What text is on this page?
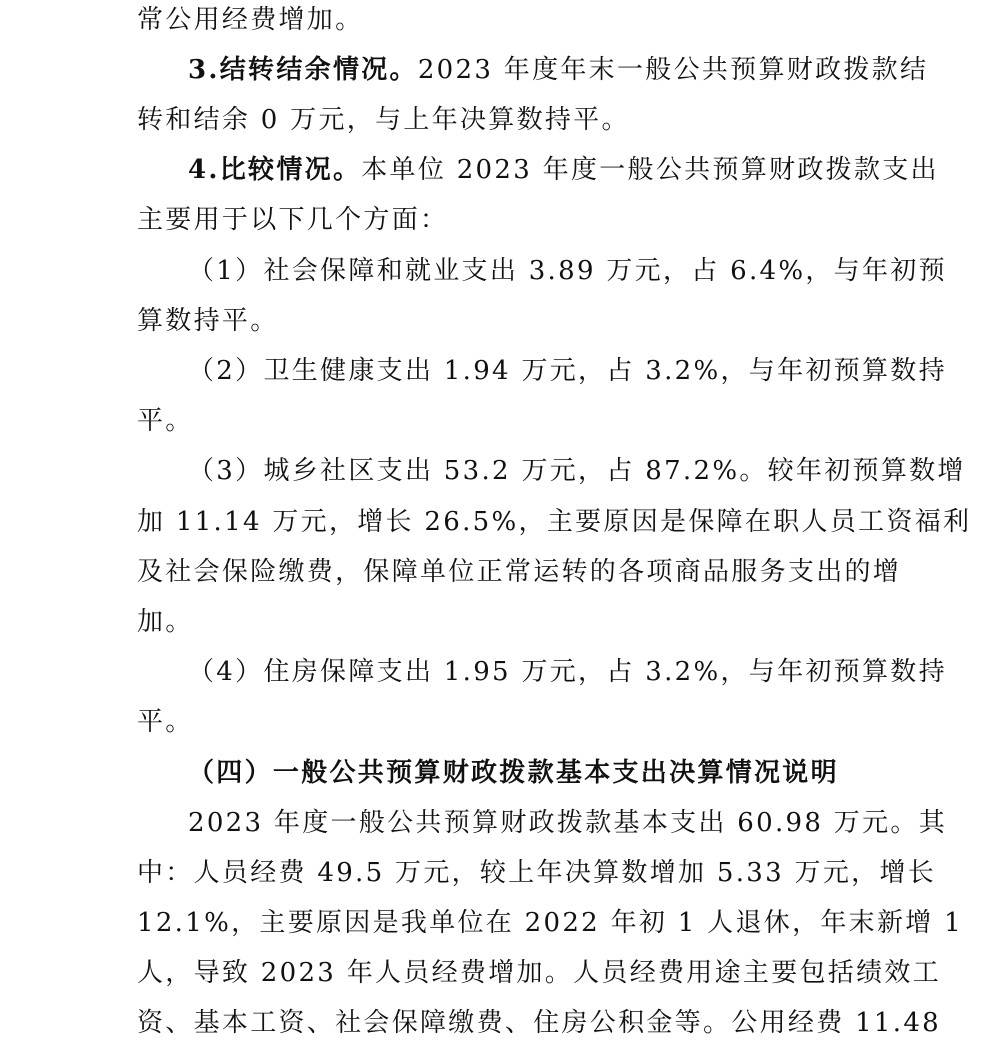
常公用经费增加。
3.结转结余情况。2023 年度年末一般公共预算财政拨款结
转和结余 0 万元，与上年决算数持平。
4.比较情况。本单位 2023 年度一般公共预算财政拨款支出
主要用于以下几个方面：
（1）社会保障和就业支出 3.89 万元，占 6.4%，与年初预
算数持平。
（2）卫生健康支出 1.94 万元，占 3.2%，与年初预算数持
平。
（3）城乡社区支出 53.2 万元，占 87.2%。较年初预算数增
加 11.14 万元，增长 26.5%，主要原因是保障在职人员工资福利
及社会保险缴费，保障单位正常运转的各项商品服务支出的增
加。
（4）住房保障支出 1.95 万元，占 3.2%，与年初预算数持
平。
（四）一般公共预算财政拨款基本支出决算情况说明
2023 年度一般公共预算财政拨款基本支出 60.98 万元。其
中：人员经费 49.5 万元，较上年决算数增加 5.33 万元，增长
12.1%，主要原因是我单位在 2022 年初 1 人退休，年末新增 1
人，导致 2023 年人员经费增加。人员经费用途主要包括绩效工
资、基本工资、社会保障缴费、住房公积金等。公用经费 11.48
